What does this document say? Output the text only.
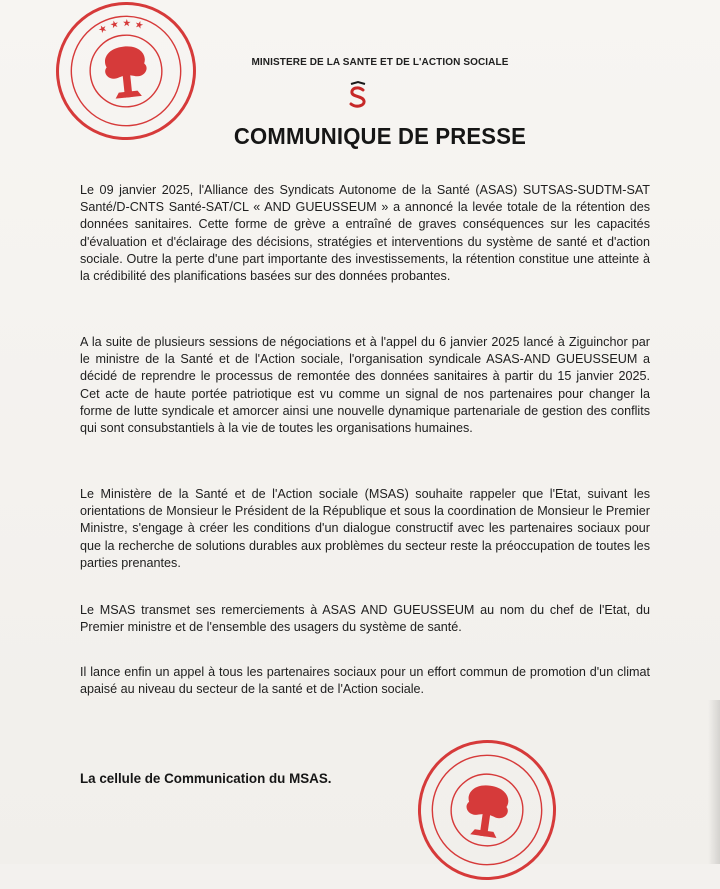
★ ★ ★ ★
MINISTERE DE LA SANTE ET DE L'ACTION SOCIALE
COMMUNIQUE DE PRESSE
Le 09 janvier 2025, l'Alliance des Syndicats Autonome de la Santé (ASAS) SUTSAS-SUDTM-SAT Santé/D-CNTS Santé-SAT/CL « AND GUEUSSEUM » a annoncé la levée totale de la rétention des données sanitaires. Cette forme de grève a entraîné de graves conséquences sur les capacités d'évaluation et d'éclairage des décisions, stratégies et interventions du système de santé et d'action sociale. Outre la perte d'une part importante des investissements, la rétention constitue une atteinte à la crédibilité des planifications basées sur des données probantes.
A la suite de plusieurs sessions de négociations et à l'appel du 6 janvier 2025 lancé à Ziguinchor par le ministre de la Santé et de l'Action sociale, l'organisation syndicale ASAS-AND GUEUSSEUM a décidé de reprendre le processus de remontée des données sanitaires à partir du 15 janvier 2025. Cet acte de haute portée patriotique est vu comme un signal de nos partenaires pour changer la forme de lutte syndicale et amorcer ainsi une nouvelle dynamique partenariale de gestion des conflits qui sont consubstantiels à la vie de toutes les organisations humaines.
Le Ministère de la Santé et de l'Action sociale (MSAS) souhaite rappeler que l'Etat, suivant les orientations de Monsieur le Président de la République et sous la coordination de Monsieur le Premier Ministre, s'engage à créer les conditions d'un dialogue constructif avec les partenaires sociaux pour que la recherche de solutions durables aux problèmes du secteur reste la préoccupation de toutes les parties prenantes.
Le MSAS transmet ses remerciements à ASAS AND GUEUSSEUM au nom du chef de l'Etat, du Premier ministre et de l'ensemble des usagers du système de santé.
Il lance enfin un appel à tous les partenaires sociaux pour un effort commun de promotion d'un climat apaisé au niveau du secteur de la santé et de l'Action sociale.
La cellule de Communication du MSAS.
